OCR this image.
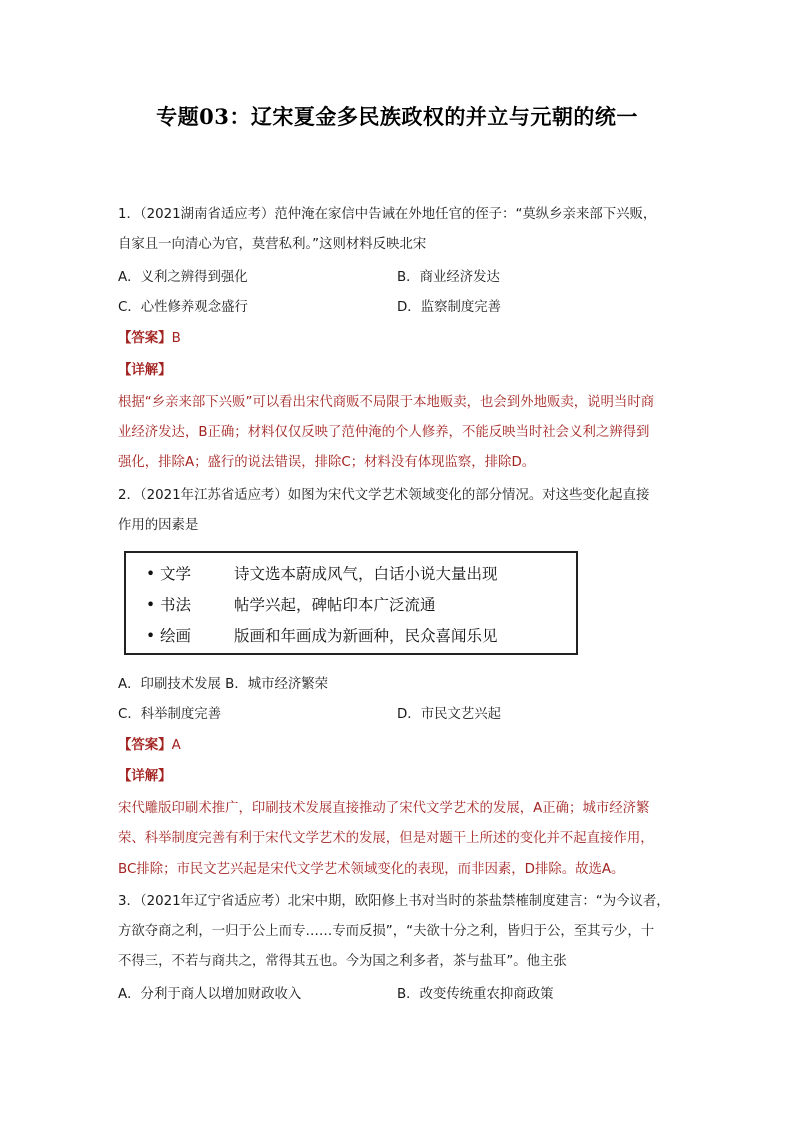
专题03：辽宋夏金多民族政权的并立与元朝的统一
1．（2021湖南省适应考）范仲淹在家信中告诫在外地任官的侄子：“莫纵乡亲来部下兴贩，
自家且一向清心为官，莫营私利。”这则材料反映北宋
A．义利之辨得到强化	B．商业经济发达
C．心性修养观念盛行	D．监察制度完善
【答案】B
【详解】
根据“乡亲来部下兴贩”可以看出宋代商贩不局限于本地贩卖，也会到外地贩卖，说明当时商
业经济发达，B正确；材料仅仅反映了范仲淹的个人修养，不能反映当时社会义利之辨得到
强化，排除A；盛行的说法错误，排除C；材料没有体现监察，排除D。
2．（2021年江苏省适应考）如图为宋代文学艺术领域变化的部分情况。对这些变化起直接
作用的因素是
• 文学	诗文选本蔚成风气，白话小说大量出现
• 书法	帖学兴起，碑帖印本广泛流通
• 绘画	版画和年画成为新画种，民众喜闻乐见
A．印刷技术发展 B．城市经济繁荣
C．科举制度完善	D．市民文艺兴起
【答案】A
【详解】
宋代雕版印刷术推广，印刷技术发展直接推动了宋代文学艺术的发展，A正确；城市经济繁
荣、科举制度完善有利于宋代文学艺术的发展，但是对题干上所述的变化并不起直接作用，
BC排除；市民文艺兴起是宋代文学艺术领域变化的表现，而非因素，D排除。故选A。
3．（2021年辽宁省适应考）北宋中期，欧阳修上书对当时的茶盐禁榷制度建言：“为今议者，
方欲夺商之利，一归于公上而专……专而反损”，“夫欲十分之利，皆归于公，至其亏少，十
不得三，不若与商共之，常得其五也。今为国之利多者，茶与盐耳”。他主张
A．分利于商人以增加财政收入	B．改变传统重农抑商政策
